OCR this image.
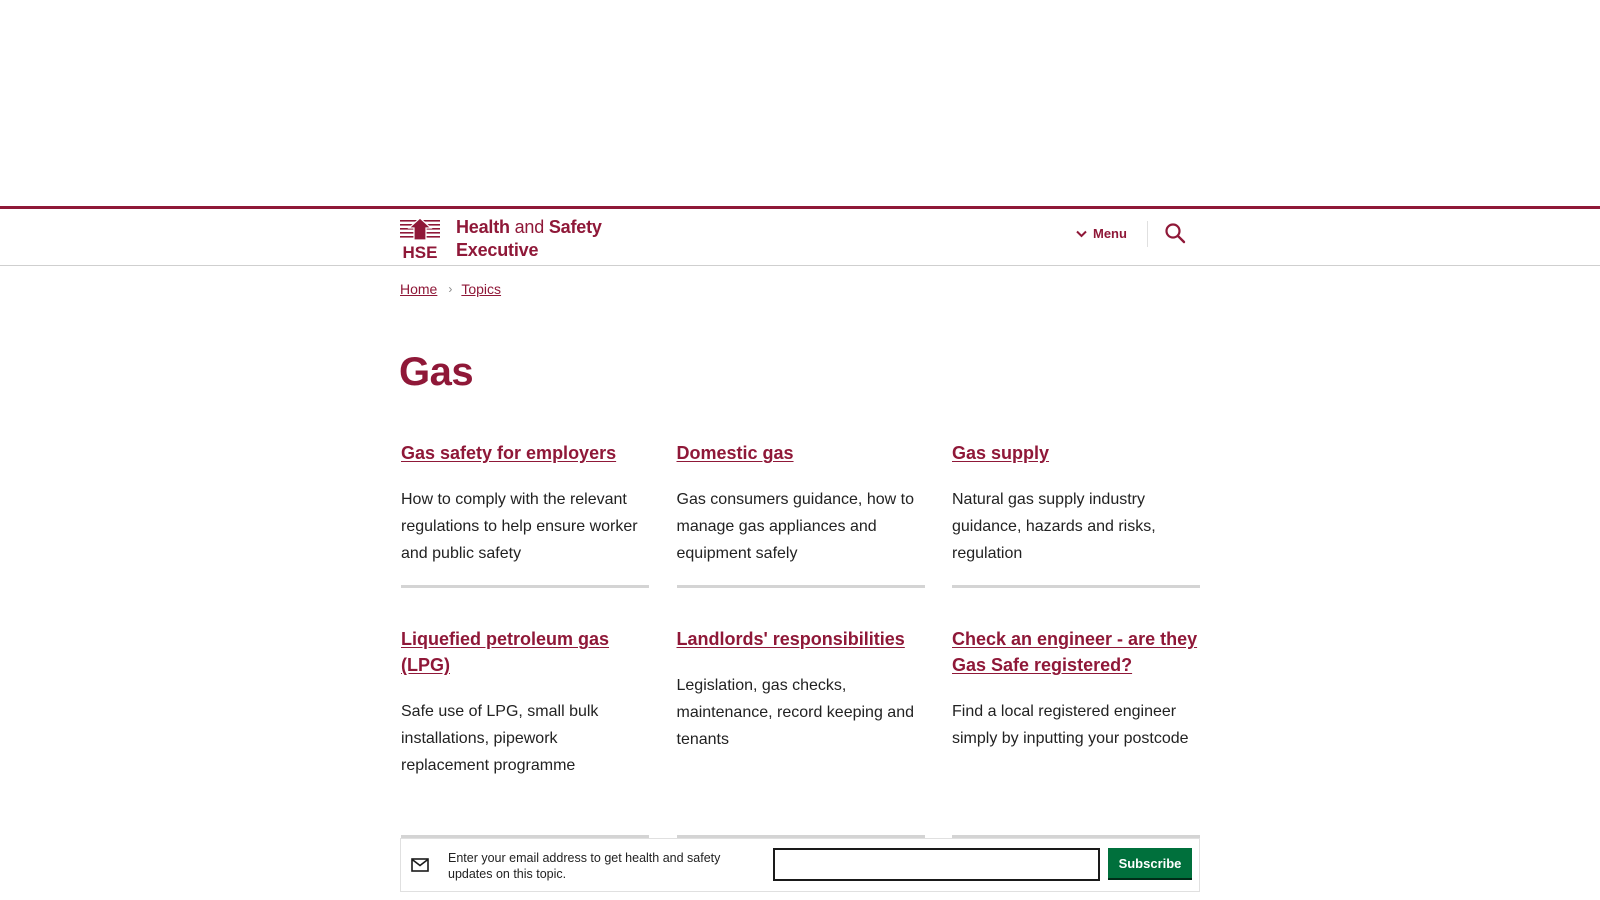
HSE
Health and Safety
Executive
Menu
Home › Topics
Gas
Gas safety for employers

How to comply with the relevant regulations to help ensure worker and public safety

Domestic gas

Gas consumers guidance, how to manage gas appliances and equipment safely

Gas supply

Natural gas supply industry guidance, hazards and risks, regulation

Liquefied petroleum gas (LPG)

Safe use of LPG, small bulk installations, pipework replacement programme

Landlords' responsibilities

Legislation, gas checks, maintenance, record keeping and tenants

Check an engineer - are they Gas Safe registered?

Find a local registered engineer simply by inputting your postcode

Enter your email address to get health and safety updates on this topic.
Subscribe
